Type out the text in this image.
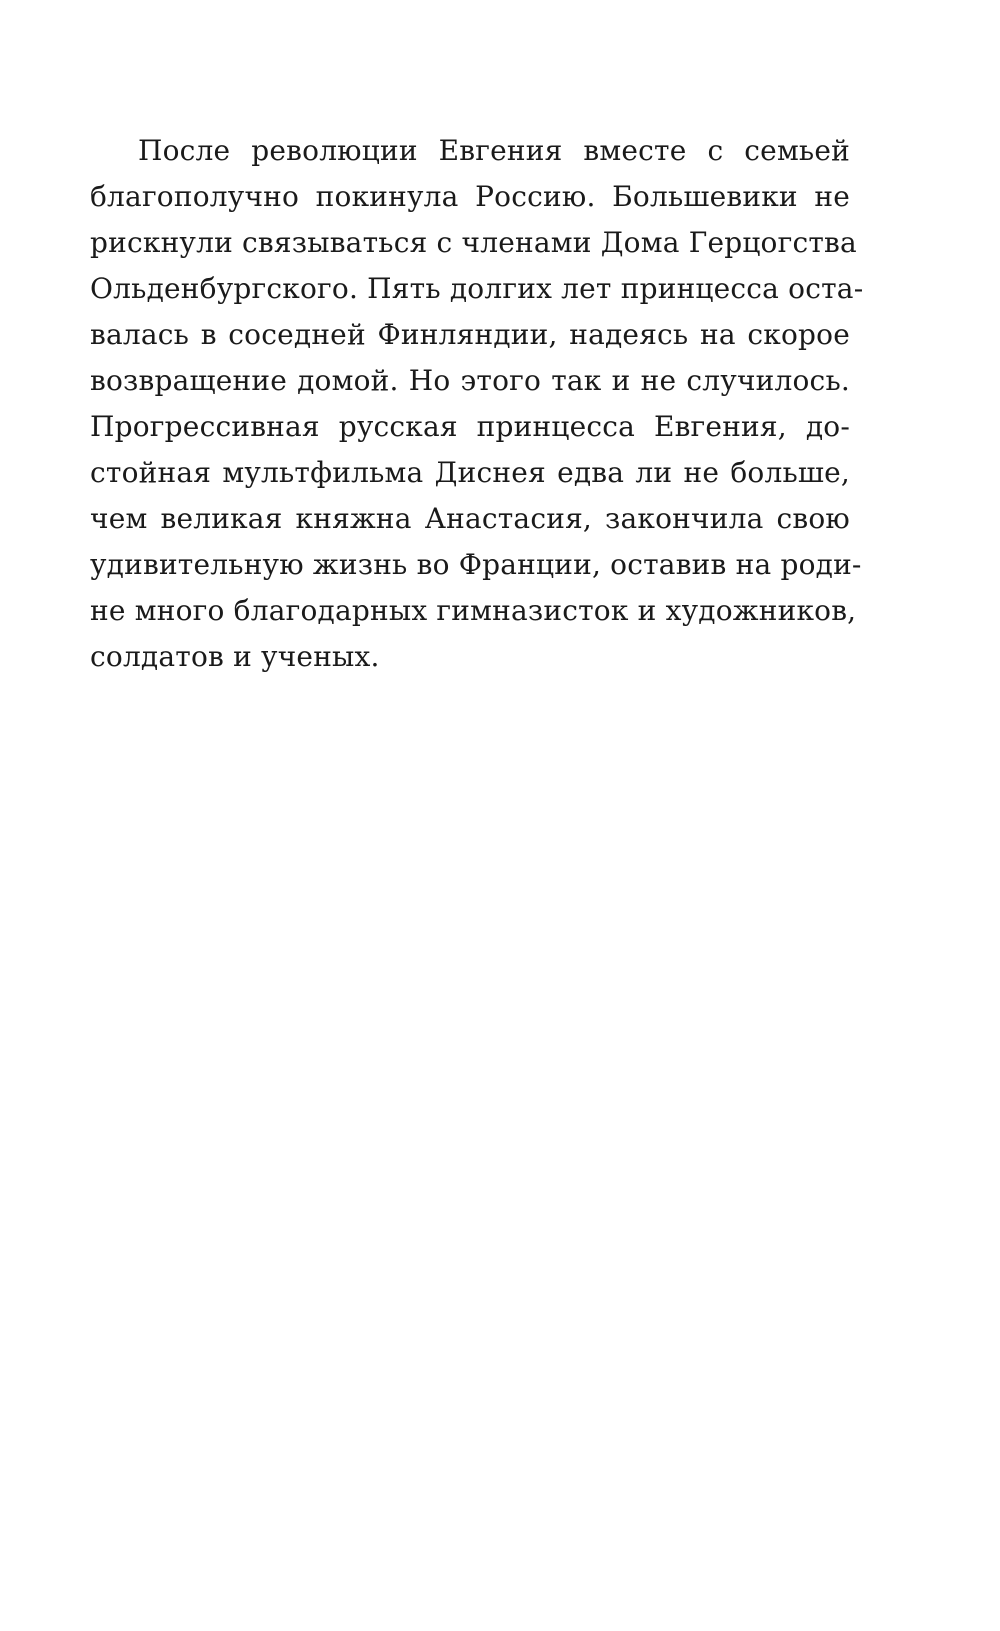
После революции Евгения вместе с семьей
благополучно покинула Россию. Большевики не
рискнули связываться с членами Дома Герцогства
Ольденбургского. Пять долгих лет принцесса оста-
валась в соседней Финляндии, надеясь на скорое
возвращение домой. Но этого так и не случилось.
Прогрессивная русская принцесса Евгения, до-
стойная мультфильма Диснея едва ли не больше,
чем великая княжна Анастасия, закончила свою
удивительную жизнь во Франции, оставив на роди-
не много благодарных гимназисток и художников,
солдатов и ученых.
